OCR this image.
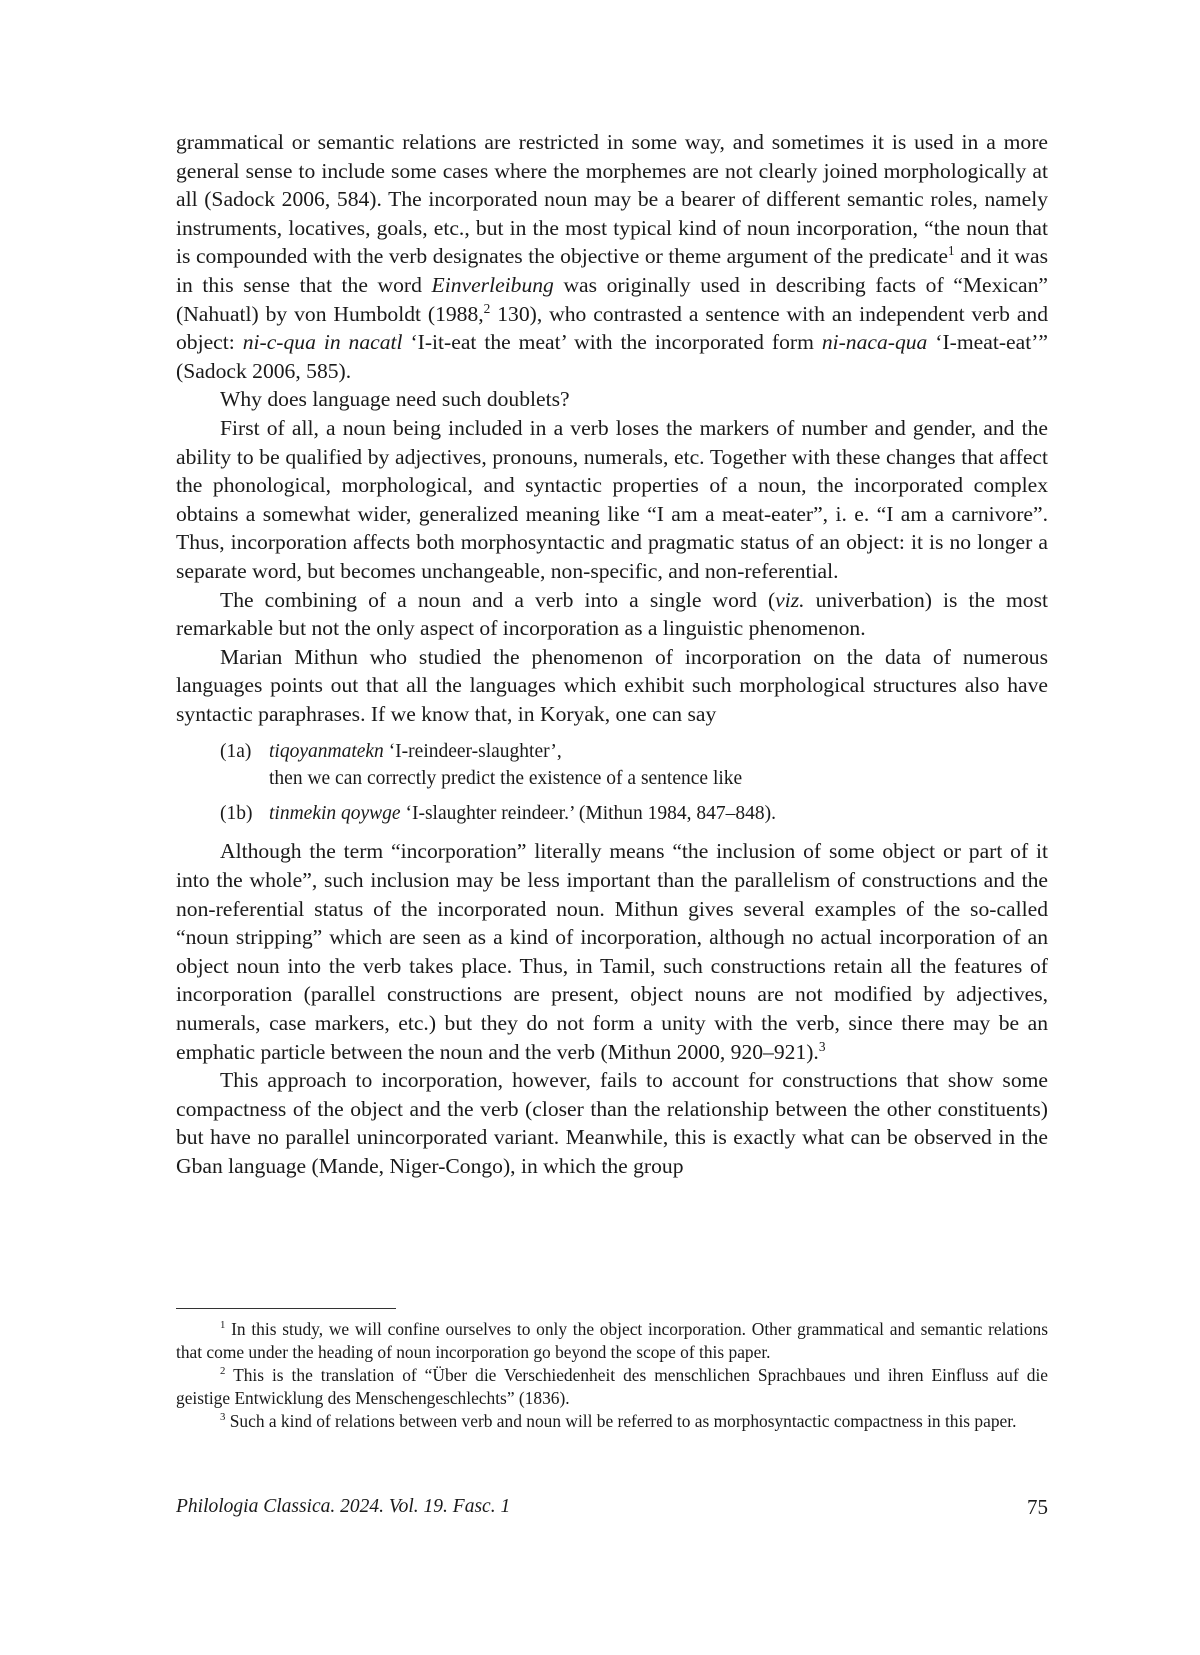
grammatical or semantic relations are restricted in some way, and sometimes it is used in a more general sense to include some cases where the morphemes are not clearly joined morphologically at all (Sadock 2006, 584). The incorporated noun may be a bearer of different semantic roles, namely instruments, locatives, goals, etc., but in the most typical kind of noun incorporation, “the noun that is compounded with the verb designates the objective or theme argument of the predicate$^1$ and it was in this sense that the word Einverleibung was originally used in describing facts of “Mexican” (Nahuatl) by von Humboldt (1988,$^2$ 130), who contrasted a sentence with an independent verb and object: ni-c-qua in nacatl ‘I-it-eat the meat’ with the incorporated form ni-naca-qua ‘I-meat-eat’” (Sadock 2006, 585).

Why does language need such doublets?

First of all, a noun being included in a verb loses the markers of number and gender, and the ability to be qualified by adjectives, pronouns, numerals, etc. Together with these changes that affect the phonological, morphological, and syntactic properties of a noun, the incorporated complex obtains a somewhat wider, generalized meaning like “I am a meat-eater”, i. e. “I am a carnivore”. Thus, incorporation affects both morphosyntactic and pragmatic status of an object: it is no longer a separate word, but becomes unchangeable, non-specific, and non-referential.

The combining of a noun and a verb into a single word (viz. univerbation) is the most remarkable but not the only aspect of incorporation as a linguistic phenomenon.

Marian Mithun who studied the phenomenon of incorporation on the data of numerous languages points out that all the languages which exhibit such morphological structures also have syntactic paraphrases. If we know that, in Koryak, one can say

(1a) tiqoyanmatekn ‘I-reindeer-slaughter’,
then we can correctly predict the existence of a sentence like
(1b) tinmekin qoywge ‘I-slaughter reindeer.’ (Mithun 1984, 847–848).

Although the term “incorporation” literally means “the inclusion of some object or part of it into the whole”, such inclusion may be less important than the parallelism of constructions and the non-referential status of the incorporated noun. Mithun gives several examples of the so-called “noun stripping” which are seen as a kind of incorporation, although no actual incorporation of an object noun into the verb takes place. Thus, in Tamil, such constructions retain all the features of incorporation (parallel constructions are present, object nouns are not modified by adjectives, numerals, case markers, etc.) but they do not form a unity with the verb, since there may be an emphatic particle between the noun and the verb (Mithun 2000, 920–921).$^3$

This approach to incorporation, however, fails to account for constructions that show some compactness of the object and the verb (closer than the relationship between the other constituents) but have no parallel unincorporated variant. Meanwhile, this is exactly what can be observed in the Gban language (Mande, Niger-Congo), in which the group

$^1$ In this study, we will confine ourselves to only the object incorporation. Other grammatical and semantic relations that come under the heading of noun incorporation go beyond the scope of this paper.

$^2$ This is the translation of “Über die Verschiedenheit des menschlichen Sprachbaues und ihren Einfluss auf die geistige Entwicklung des Menschengeschlechts” (1836).

$^3$ Such a kind of relations between verb and noun will be referred to as morphosyntactic compactness in this paper.

Philologia Classica. 2024. Vol. 19. Fasc. 1	75
